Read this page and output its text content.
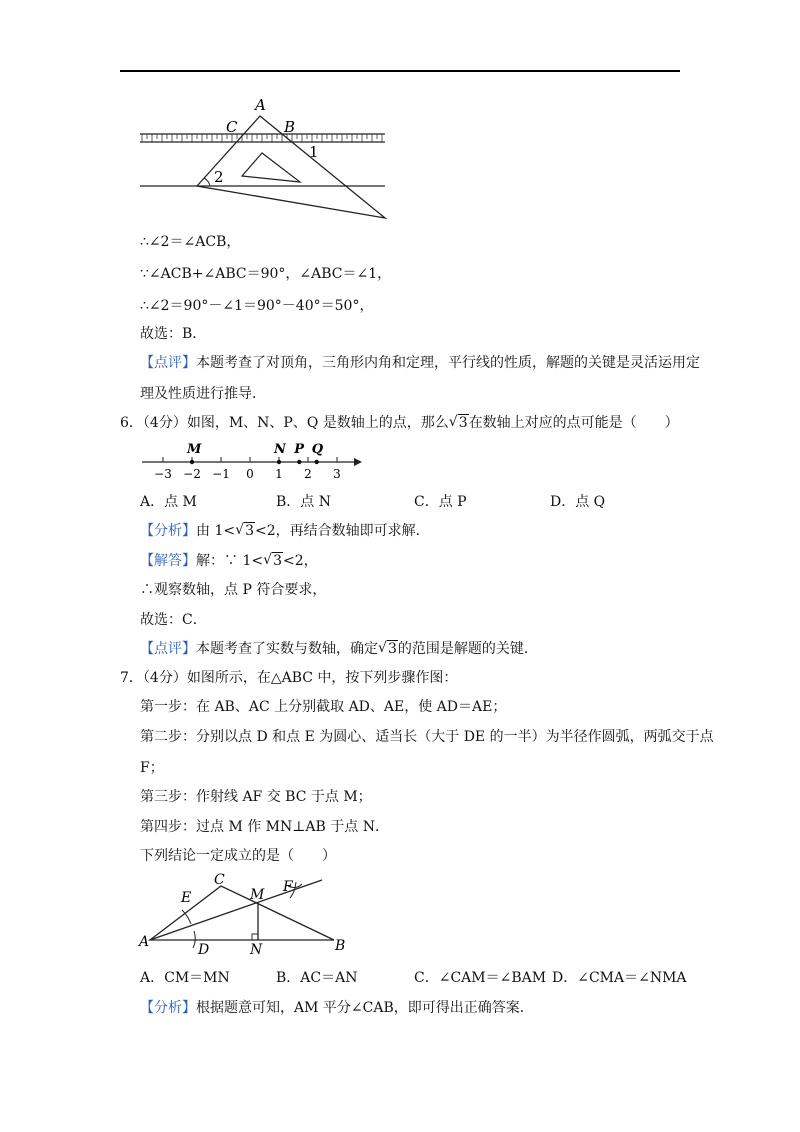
A
C	B
1
2
∴∠2＝∠ACB，
∵∠ACB+∠ABC＝90°，∠ABC＝∠1，
∴∠2＝90°－∠1＝90°－40°＝50°，
故选：B．
【点评】本题考查了对顶角，三角形内角和定理，平行线的性质，解题的关键是灵活运用定
理及性质进行推导．
6．（4分）如图，M、N、P、Q 是数轴上的点，那么 √ 3在数轴上对应的点可能是（　　）
−3 −2 −1 0 1 2 3
M	N P Q
A．点 M	B．点 N	C．点 P	D．点 Q
【分析】由 1< √ 3<2，再结合数轴即可求解．
【解答】解：∵ 1< √ 3<2，
∴观察数轴，点 P 符合要求，
故选：C．
【点评】本题考查了实数与数轴，确定 √ 3的范围是解题的关键．
7．（4分）如图所示，在△ABC 中，按下列步骤作图：
第一步：在 AB、AC 上分别截取 AD、AE，使 AD＝AE；
第二步：分别以点 D 和点 E 为圆心、适当长（大于 DE 的一半）为半径作圆弧，两弧交于点
F；
第三步：作射线 AF 交 BC 于点 M；
第四步：过点 M 作 MN⊥AB 于点 N．
下列结论一定成立的是（　　）
C
E	M F
A	D	N	B
A．CM＝MN	B．AC＝AN	C．∠CAM＝∠BAM D．∠CMA＝∠NMA
【分析】根据题意可知，AM 平分∠CAB，即可得出正确答案．
